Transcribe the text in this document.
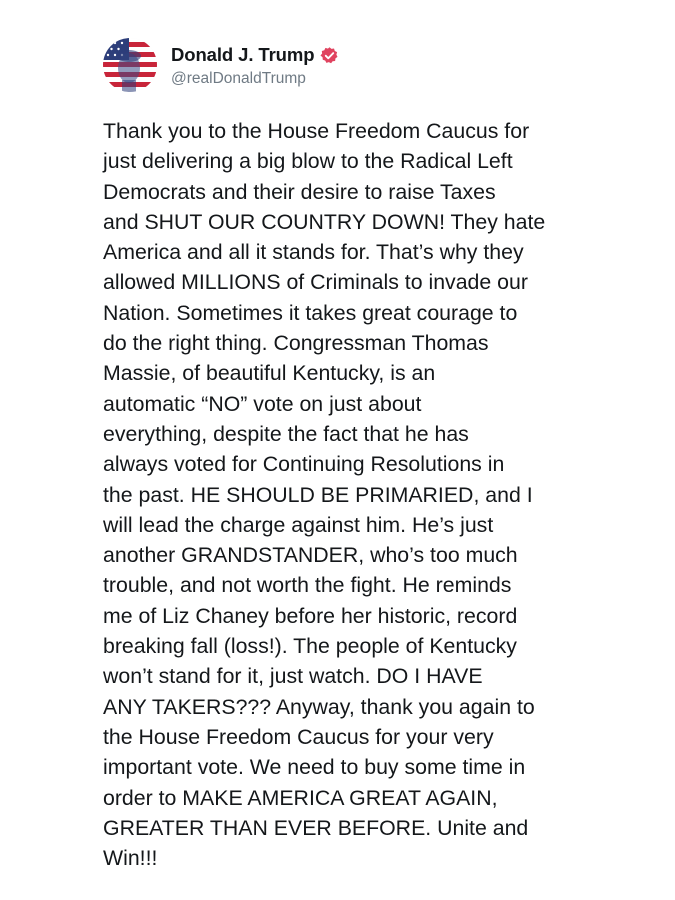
Donald J. Trump
@realDonaldTrump
Thank you to the House Freedom Caucus for
just delivering a big blow to the Radical Left
Democrats and their desire to raise Taxes
and SHUT OUR COUNTRY DOWN! They hate
America and all it stands for. That’s why they
allowed MILLIONS of Criminals to invade our
Nation. Sometimes it takes great courage to
do the right thing. Congressman Thomas
Massie, of beautiful Kentucky, is an
automatic “NO” vote on just about
everything, despite the fact that he has
always voted for Continuing Resolutions in
the past. HE SHOULD BE PRIMARIED, and I
will lead the charge against him. He’s just
another GRANDSTANDER, who’s too much
trouble, and not worth the fight. He reminds
me of Liz Chaney before her historic, record
breaking fall (loss!). The people of Kentucky
won’t stand for it, just watch. DO I HAVE
ANY TAKERS??? Anyway, thank you again to
the House Freedom Caucus for your very
important vote. We need to buy some time in
order to MAKE AMERICA GREAT AGAIN,
GREATER THAN EVER BEFORE. Unite and
Win!!!
